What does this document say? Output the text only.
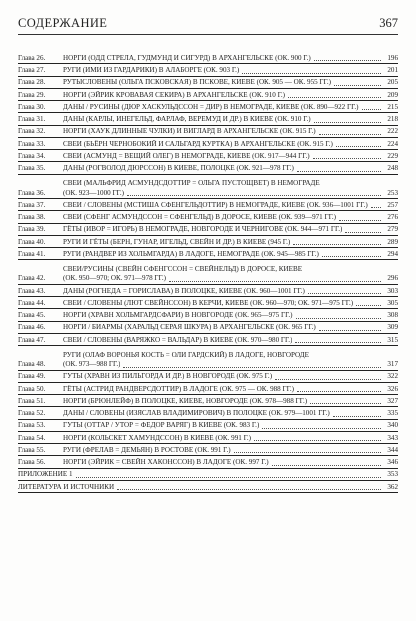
СОДЕРЖАНИЕ	367
Глава 26.	НОРГИ (ОДД СТРЕЛА, ГУДМУНД И СИГУРД) В АРХАНГЕЛЬСКЕ (ОК. 900 Г.)	196
Глава 27.	РУГИ (ИМИ ИЗ ГАРДАРИКИ) В АЛАБОРГЕ (ОК. 903 Г.)	201
Глава 28.	РУТЫСЛОВЕНЫ (ОЛЬГА ПСКОВСКАЯ) В ПСКОВЕ, КИЕВЕ (ОК. 905 — ОК. 955 ГГ.)	205
Глава 29.	НОРГИ (ЭЙРИК КРОВАВАЯ СЕКИРА) В АРХАНГЕЛЬСКЕ (ОК. 910 Г.)	209
Глава 30.	ДАНЫ / РУСИНЫ (ДЮР ХАСКУЛЬДССОН = ДИР) В НЕМОГРАДЕ, КИЕВЕ (ОК. 890—922 ГГ.)	215
Глава 31.	ДАНЫ (КАРЛЫ, ИНЕГЕЛЬД, ФАРЛАФ, ВЕРЕМУД И ДР.) В КИЕВЕ (ОК. 910 Г.)	218
Глава 32.	НОРГИ (ХАУК ДЛИННЫЕ ЧУЛКИ) И ВИГЛАРД В АРХАНГЕЛЬСКЕ (ОК. 915 Г.)	222
Глава 33.	СВЕИ (БЬЁРН ЧЕРНОБОКИЙ И САЛЬГАРД КУРТКА) В АРХАНГЕЛЬСКЕ (ОК. 915 Г.)	224
Глава 34.	СВЕИ (АСМУНД = ВЕЩИЙ ОЛЕГ) В НЕМОГРАДЕ, КИЕВЕ (ОК. 917—944 ГГ.)	229
Глава 35.	ДАНЫ (РОГВОЛОД ДЮРССОН) В КИЕВЕ, ПОЛОЦКЕ (ОК. 921—978 ГГ.)	248
Глава 36.
СВЕИ (МАЛЬФРИД АСМУНДСДОТТИР = ОЛЬГА ПУСТОЩВЕТ) В НЕМОГРАДЕ
(ОК. 923—1000 ГГ.)	253
Глава 37.	СВЕИ / СЛОВЕНЫ (МСТИША СФЕНГЕЛЬДОТТИР) В НЕМОГРАДЕ, КИЕВЕ (ОК. 936—1001 ГГ.)	257
Глава 38.	СВЕИ (СФЕНГ АСМУНДССОН = СФЕНГЕЛЬД) В ДОРОСЕ, КИЕВЕ (ОК. 939—971 ГГ.)	276
Глава 39.	ГЁТЫ (ИВОР = ИГОРЬ) В НЕМОГРАДЕ, НОВГОРОДЕ И ЧЕРНИГОВЕ (ОК. 944—971 ГГ.)	279
Глава 40.	РУГИ И ГЁТЫ (БЕРН, ГУНАР, ИГЕЛЬД, СВЕЙН И ДР.) В КИЕВЕ (945 Г.)	289
Глава 41.	РУГИ (РАНДВЕР ИЗ ХОЛЬМГАРДА) В ЛАДОГЕ, НЕМОГРАДЕ (ОК. 945—985 ГГ.)	294
Глава 42.
СВЕИ/РУСИНЫ (СВЕЙН СФЕНГССОН = СВЕЙНЕЛЬД) В ДОРОСЕ, КИЕВЕ
(ОК. 950—970; ОК. 971—978 ГГ.)	296
Глава 43.	ДАНЫ (РОГНЕДА = ГОРИСЛАВА) В ПОЛОЦКЕ, КИЕВЕ (ОК. 960—1001 ГГ.)	303
Глава 44.	СВЕИ / СЛОВЕНЫ (ЛЮТ СВЕЙНССОН) В КЕРЧИ, КИЕВЕ (ОК. 960—970; ОК. 971—975 ГГ.)	305
Глава 45.	НОРГИ (ХРАВН ХОЛЬМГАРДСФАРИ) В НОВГОРОДЕ (ОК. 965—975 ГГ.)	308
Глава 46.	НОРГИ / БИАРМЫ (ХАРАЛЬД СЕРАЯ ШКУРА) В АРХАНГЕЛЬСКЕ (ОК. 965 ГГ.)	309
Глава 47.	СВЕИ / СЛОВЕНЫ (ВАРЯЖКО = ВАЛЬДАР) В КИЕВЕ (ОК. 970—980 ГГ.)	315
Глава 48.
РУГИ (ОЛАФ ВОРОНЬЯ КОСТЬ = ОЛИ ГАРДСКИЙ) В ЛАДОГЕ, НОВГОРОДЕ
(ОК. 973—988 ГГ.)	317
Глава 49.	ГУТЫ (ХРАВН ИЗ ПИЛЬГОРДА И ДР.) В НОВГОРОДЕ (ОК. 975 Г.)	322
Глава 50.	ГЁТЫ (АСТРИД РАНДВЕРСДОТТИР) В ЛАДОГЕ (ОК. 975 — ОК. 988 ГГ.)	326
Глава 51.	НОРГИ (БРЮНЛЕЙФ) В ПОЛОЦКЕ, КИЕВЕ, НОВГОРОДЕ (ОК. 978—988 ГГ.)	327
Глава 52.	ДАНЫ / СЛОВЕНЫ (ИЗЯСЛАВ ВЛАДИМИРОВИЧ) В ПОЛОЦКЕ (ОК. 979—1001 ГГ.)	335
Глава 53.	ГУТЫ (ОТТАР / УТОР = ФЕДОР ВАРЯГ) В КИЕВЕ (ОК. 983 Г.)	340
Глава 54.	НОРГИ (КОЛЬСКЕТ ХАМУНДССОН) В КИЕВЕ (ОК. 991 Г.)	343
Глава 55.	РУГИ (ФРЕЛАВ = ДЕМЬЯН) В РОСТОВЕ (ОК. 991 Г.)	344
Глава 56.	НОРГИ (ЭЙРИК = СВЕЙН ХАКОНССОН) В ЛАДОГЕ (ОК. 997 Г.)	346
ПРИЛОЖЕНИЕ 1	353
ЛИТЕРАТУРА И ИСТОЧНИКИ	362
